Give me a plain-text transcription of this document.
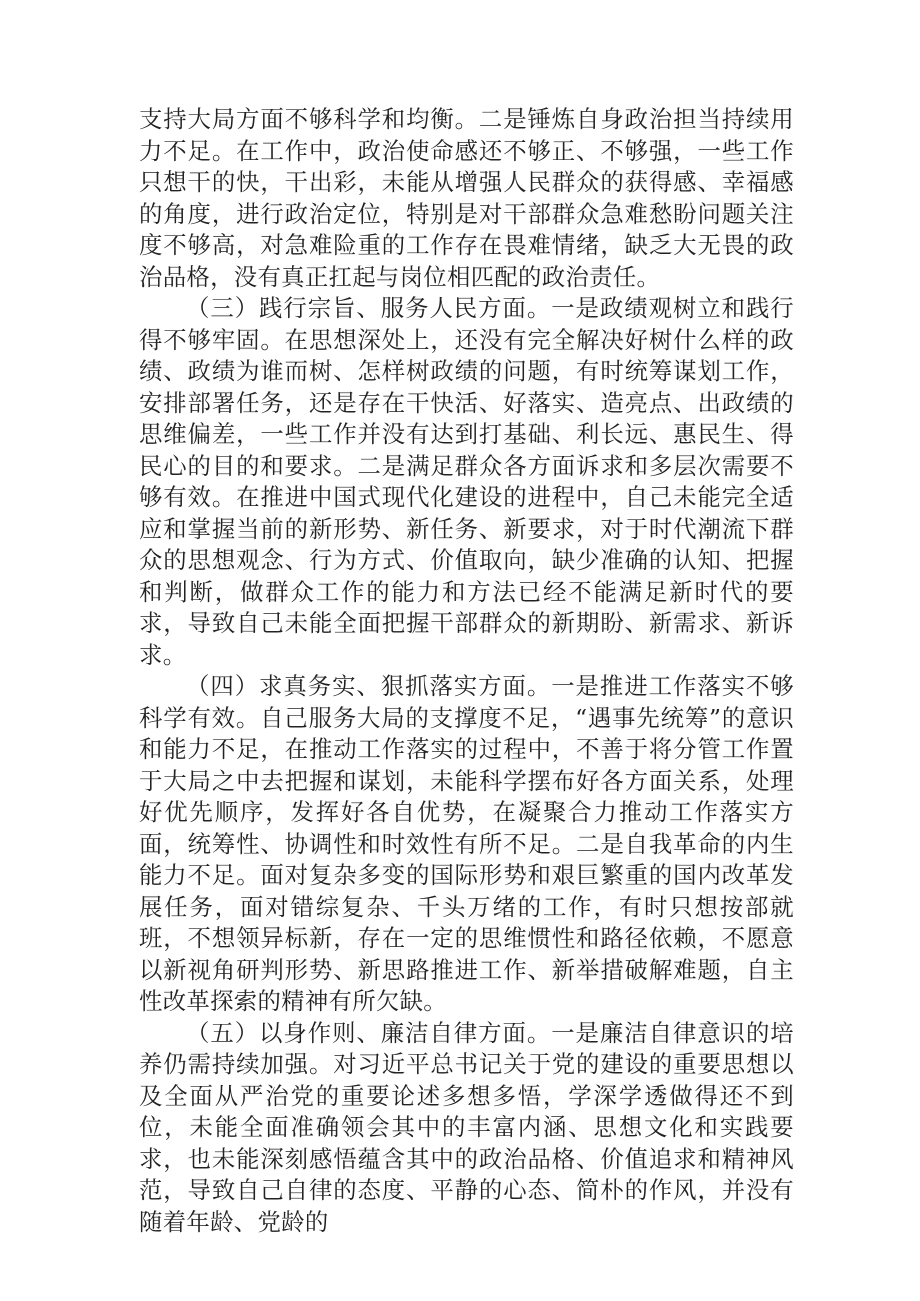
支持大局方面不够科学和均衡。二是锤炼自身政治担当持续用力不足。在工作中，政治使命感还不够正、不够强，一些工作只想干的快，干出彩，未能从增强人民群众的获得感、幸福感的角度，进行政治定位，特别是对干部群众急难愁盼问题关注度不够高，对急难险重的工作存在畏难情绪，缺乏大无畏的政治品格，没有真正扛起与岗位相匹配的政治责任。

（三）践行宗旨、服务人民方面。一是政绩观树立和践行得不够牢固。在思想深处上，还没有完全解决好树什么样的政绩、政绩为谁而树、怎样树政绩的问题，有时统筹谋划工作，安排部署任务，还是存在干快活、好落实、造亮点、出政绩的思维偏差，一些工作并没有达到打基础、利长远、惠民生、得民心的目的和要求。二是满足群众各方面诉求和多层次需要不够有效。在推进中国式现代化建设的进程中，自己未能完全适应和掌握当前的新形势、新任务、新要求，对于时代潮流下群众的思想观念、行为方式、价值取向，缺少准确的认知、把握和判断，做群众工作的能力和方法已经不能满足新时代的要求，导致自己未能全面把握干部群众的新期盼、新需求、新诉求。

（四）求真务实、狠抓落实方面。一是推进工作落实不够科学有效。自己服务大局的支撑度不足，“遇事先统筹”的意识和能力不足，在推动工作落实的过程中，不善于将分管工作置于大局之中去把握和谋划，未能科学摆布好各方面关系，处理好优先顺序，发挥好各自优势，在凝聚合力推动工作落实方面，统筹性、协调性和时效性有所不足。二是自我革命的内生能力不足。面对复杂多变的国际形势和艰巨繁重的国内改革发展任务，面对错综复杂、千头万绪的工作，有时只想按部就班，不想领异标新，存在一定的思维惯性和路径依赖，不愿意以新视角研判形势、新思路推进工作、新举措破解难题，自主性改革探索的精神有所欠缺。

（五）以身作则、廉洁自律方面。一是廉洁自律意识的培养仍需持续加强。对习近平总书记关于党的建设的重要思想以及全面从严治党的重要论述多想多悟，学深学透做得还不到位，未能全面准确领会其中的丰富内涵、思想文化和实践要求，也未能深刻感悟蕴含其中的政治品格、价值追求和精神风范，导致自己自律的态度、平静的心态、简朴的作风，并没有随着年龄、党龄的
